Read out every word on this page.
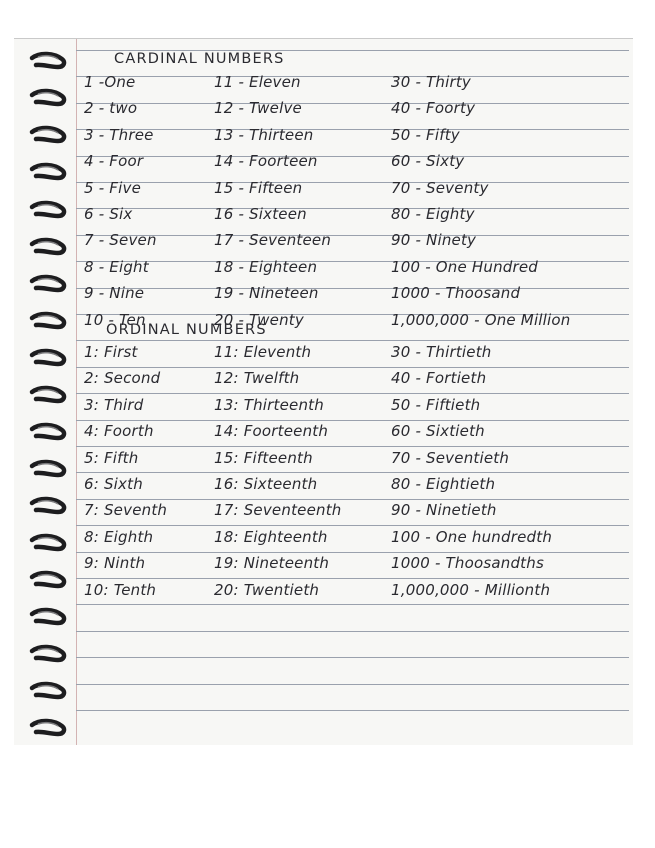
CARDINAL NUMBERS
1 -One
2 - two
3 - Three
4 - Foor
5 - Five
6 - Six
7 - Seven
8 - Eight
9 - Nine
10 - Ten
11 - Eleven
12 - Twelve
13 - Thirteen
14 - Foorteen
15 - Fifteen
16 - Sixteen
17 - Seventeen
18 - Eighteen
19 - Nineteen
20 - Twenty
30 - Thirty
40 - Foorty
50 - Fifty
60 - Sixty
70 - Seventy
80 - Eighty
90 - Ninety
100 - One Hundred
1000 - Thoosand
1,000,000 - One Million
ORDINAL NUMBERS
1: First
2: Second
3: Third
4: Foorth
5: Fifth
6: Sixth
7: Seventh
8: Eighth
9: Ninth
10: Tenth
11: Eleventh
12: Twelfth
13: Thirteenth
14: Foorteenth
15: Fifteenth
16: Sixteenth
17: Seventeenth
18: Eighteenth
19: Nineteenth
20: Twentieth
30 - Thirtieth
40 - Fortieth
50 - Fiftieth
60 - Sixtieth
70 - Seventieth
80 - Eightieth
90 - Ninetieth
100 - One hundredth
1000 - Thoosandths
1,000,000 - Millionth
